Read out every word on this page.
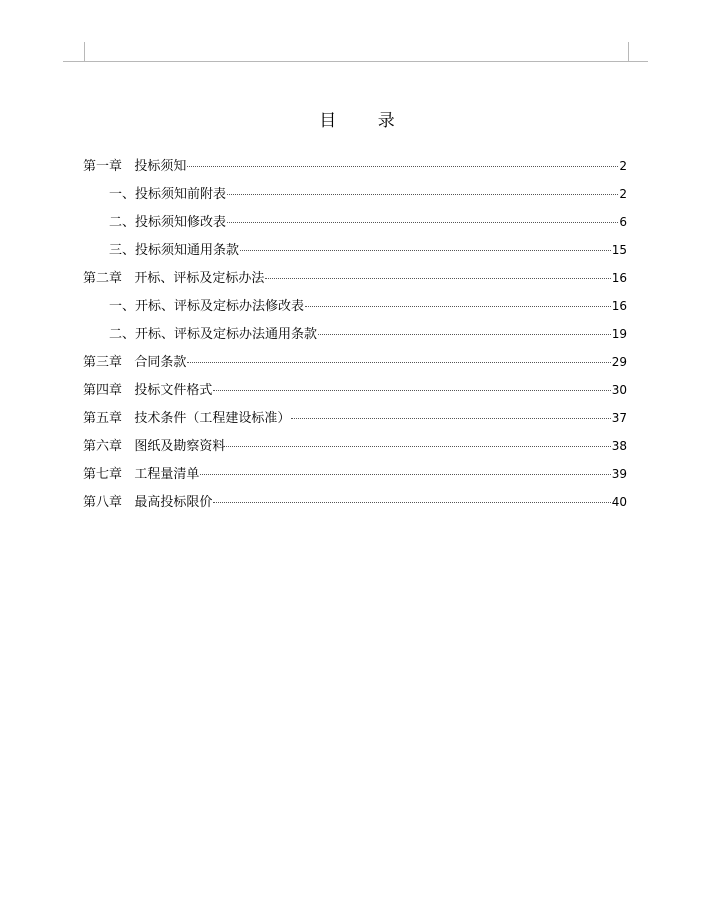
目 录
第一章   投标须知	2
一、投标须知前附表	2
二、投标须知修改表	6
三、投标须知通用条款	15
第二章   开标、评标及定标办法	16
一、开标、评标及定标办法修改表	16
二、开标、评标及定标办法通用条款	19
第三章   合同条款	29
第四章   投标文件格式	30
第五章   技术条件（工程建设标准）	37
第六章   图纸及勘察资料	38
第七章   工程量清单	39
第八章   最高投标限价	40
